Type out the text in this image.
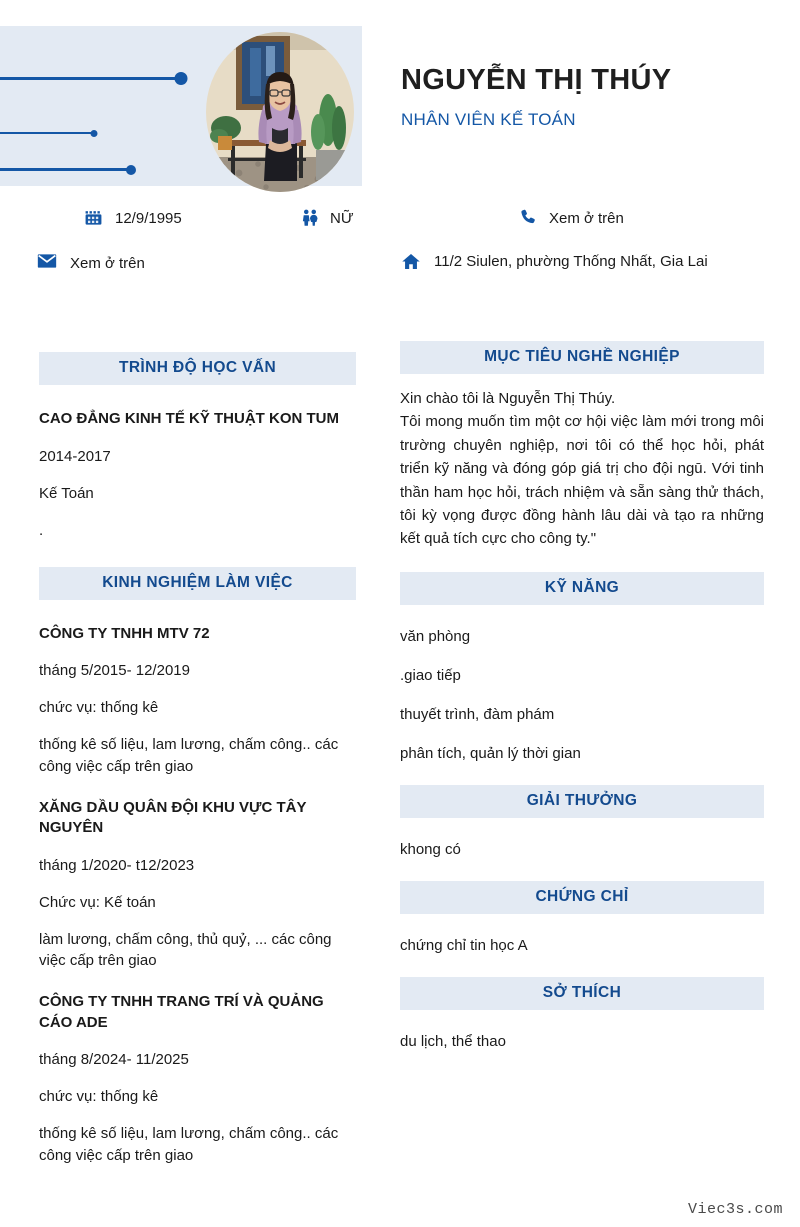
NGUYỄN THỊ THÚY
NHÂN VIÊN KẾ TOÁN
12/9/1995	NỮ
Xem ở trên
Xem ở trên
11/2 Siulen, phường Thống Nhất, Gia Lai
TRÌNH ĐỘ HỌC VẤN
CAO ĐẲNG KINH TẾ KỸ THUẬT KON TUM
2014-2017
Kế Toán
.
KINH NGHIỆM LÀM VIỆC
CÔNG TY TNHH MTV 72
tháng 5/2015- 12/2019
chức vụ: thống kê
thống kê số liệu, lam lương, chấm công.. các công việc cấp trên giao
XĂNG DẦU QUÂN ĐỘI KHU VỰC TÂY NGUYÊN
tháng 1/2020- t12/2023
Chức vụ: Kế toán
làm lương, chấm công, thủ quỷ, ... các công việc cấp trên giao
CÔNG TY TNHH TRANG TRÍ VÀ QUẢNG CÁO ADE
tháng 8/2024- 11/2025
chức vụ: thống kê
thống kê số liệu, lam lương, chấm công.. các công việc cấp trên giao
MỤC TIÊU NGHỀ NGHIỆP
Xin chào tôi là Nguyễn Thị Thúy.
Tôi mong muốn tìm một cơ hội việc làm mới trong môi trường chuyên nghiệp, nơi tôi có thể học hỏi, phát triển kỹ năng và đóng góp giá trị cho đội ngū. Với tinh thần ham học hỏi, trách nhiệm và sẵn sàng thử thách, tôi kỳ vọng được đồng hành lâu dài và tạo ra những kết quả tích cực cho công ty."
KỸ NĂNG
văn phòng
.giao tiếp
thuyết trình, đàm phám
phân tích, quản lý thời gian
GIẢI THƯỞNG
khong có
CHỨNG CHỈ
chứng chỉ tin học A
SỞ THÍCH
du lịch, thể thao
Viec3s.com
